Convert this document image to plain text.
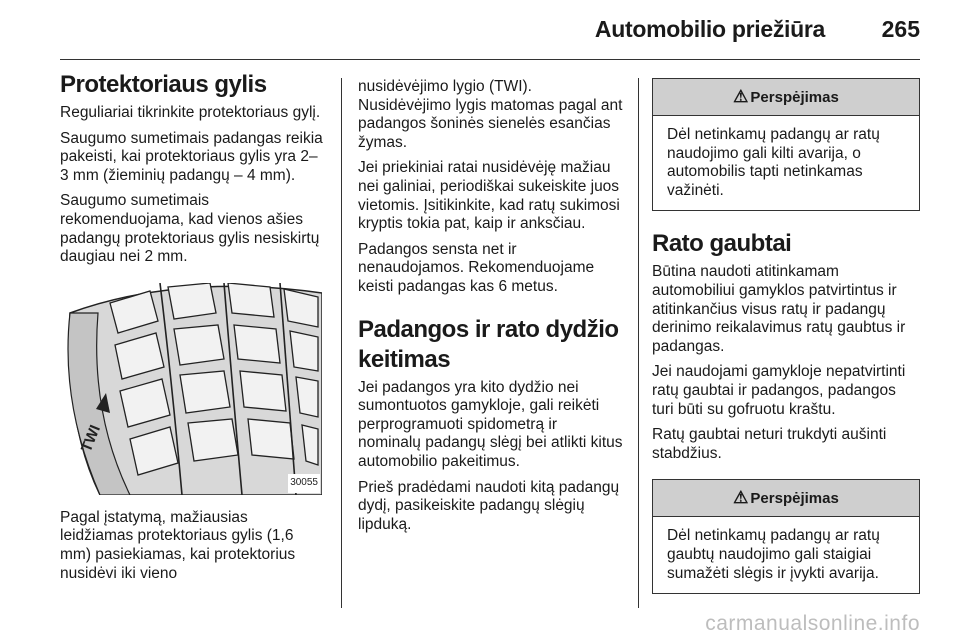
Automobilio priežiūra 265
Protektoriaus gylis

Reguliariai tikrinkite protektoriaus gylį.

Saugumo sumetimais padangas reikia pakeisti, kai protektoriaus gylis yra 2–3 mm (žieminių padangų – 4 mm).

Saugumo sumetimais rekomenduojama, kad vienos ašies padangų protektoriaus gylis nesiskirtų daugiau nei 2 mm.

TWI
30055

Pagal įstatymą, mažiausias leidžiamas protektoriaus gylis (1,6 mm) pasiekiamas, kai protektorius nusidėvi iki vieno

nusidėvėjimo lygio (TWI). Nusidėvėjimo lygis matomas pagal ant padangos šoninės sienelės esančias žymas.

Jei priekiniai ratai nusidėvėję mažiau nei galiniai, periodiškai sukeiskite juos vietomis. Įsitikinkite, kad ratų sukimosi kryptis tokia pat, kaip ir anksčiau.

Padangos sensta net ir nenaudojamos. Rekomenduojame keisti padangas kas 6 metus.

Padangos ir rato dydžio keitimas

Jei padangos yra kito dydžio nei sumontuotos gamykloje, gali reikėti perprogramuoti spidometrą ir nominalų padangų slėgį bei atlikti kitus automobilio pakeitimus.

Prieš pradėdami naudoti kitą padangų dydį, pasikeiskite padangų slėgių lipduką.

⚠ Perspėjimas
Dėl netinkamų padangų ar ratų naudojimo gali kilti avarija, o automobilis tapti netinkamas važinėti.
Rato gaubtai

Būtina naudoti atitinkamam automobiliui gamyklos patvirtintus ir atitinkančius visus ratų ir padangų derinimo reikalavimus ratų gaubtus ir padangas.

Jei naudojami gamykloje nepatvirtinti ratų gaubtai ir padangos, padangos turi būti su gofruotu kraštu.

Ratų gaubtai neturi trukdyti aušinti stabdžius.

⚠ Perspėjimas
Dėl netinkamų padangų ar ratų gaubtų naudojimo gali staigiai sumažėti slėgis ir įvykti avarija.
carmanualsonline.info
